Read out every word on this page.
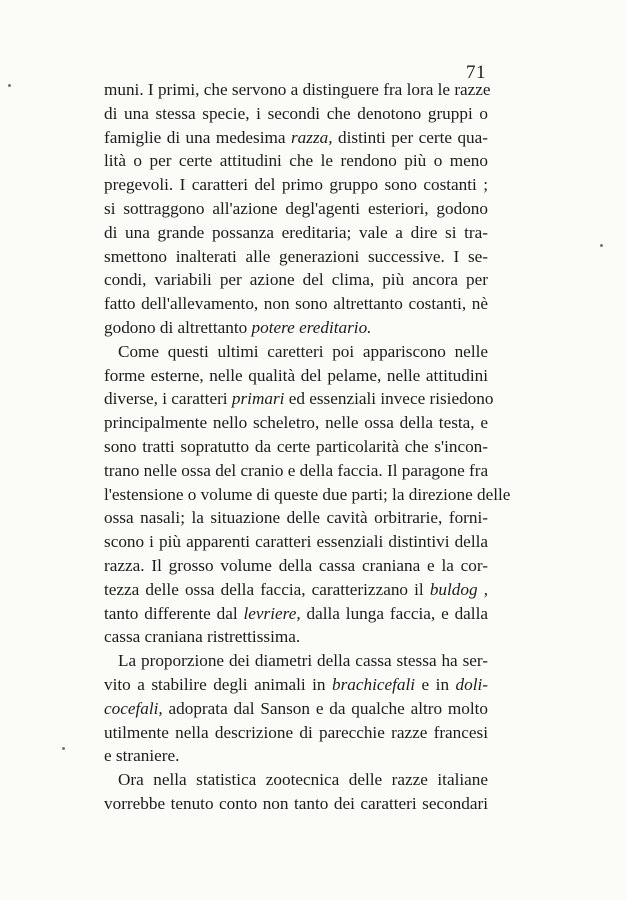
71
muni. I primi, che servono a distinguere fra lora le razze
di una stessa specie, i secondi che denotono gruppi o
famiglie di una medesima razza, distinti per certe qua-
lità o per certe attitudini che le rendono più o meno
pregevoli. I caratteri del primo gruppo sono costanti ;
si sottraggono all'azione degl'agenti esteriori, godono
di una grande possanza ereditaria; vale a dire si tra-
smettono inalterati alle generazioni successive. I se-
condi, variabili per azione del clima, più ancora per
fatto dell'allevamento, non sono altrettanto costanti, nè
godono di altrettanto potere ereditario.
Come questi ultimi caretteri poi appariscono nelle
forme esterne, nelle qualità del pelame, nelle attitudini
diverse, i caratteri primari ed essenziali invece risiedono
principalmente nello scheletro, nelle ossa della testa, e
sono tratti sopratutto da certe particolarità che s'incon-
trano nelle ossa del cranio e della faccia. Il paragone fra
l'estensione o volume di queste due parti; la direzione delle
ossa nasali; la situazione delle cavità orbitrarie, forni-
scono i più apparenti caratteri essenziali distintivi della
razza. Il grosso volume della cassa craniana e la cor-
tezza delle ossa della faccia, caratterizzano il buldog ,
tanto differente dal levriere, dalla lunga faccia, e dalla
cassa craniana ristrettissima.
La proporzione dei diametri della cassa stessa ha ser-
vito a stabilire degli animali in brachicefali e in doli-
cocefali, adoprata dal Sanson e da qualche altro molto
utilmente nella descrizione di parecchie razze francesi
e straniere.
Ora nella statistica zootecnica delle razze italiane
vorrebbe tenuto conto non tanto dei caratteri secondari
